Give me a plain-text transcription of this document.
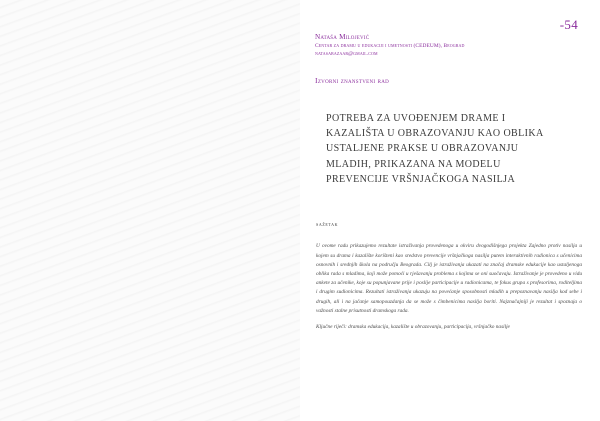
-54
Nataša Milojević
Centar za dramu u edukaciji i umetnosti (CEDEUM), Beograd
natasabazaar@gmail.com
Izvorni znanstveni rad
POTREBA ZA UVOĐENJEM DRAME I
KAZALIŠTA U OBRAZOVANJU KAO OBLIKA
USTALJENE PRAKSE U OBRAZOVANJU
MLADIH, PRIKAZANA NA MODELU
PREVENCIJE VRŠNJAČKOGA NASILJA
sažetak

U ovome radu prikazujemo rezultate istraživanja provedenoga u okviru dvogodišnjega projekta Zajedno protiv nasilja u kojem su drama i kazalište korišteni kao sredstvo prevencije vršnjačkoga nasilja putem interaktivnih radionica s učenicima osnovnih i srednjih škola na području Beograda. Cilj je istraživanja ukazati na značaj dramske edukacije kao ustaljenoga oblika rada s mladima, koji može pomoći u rješavanju problema s kojima se oni suočavaju. Istraživanje je provedeno u vidu ankete za učenike, koje su popunjavane prije i poslije participacije u radionicama, te fokus grupa s profesorima, roditeljima i drugim sudionicima. Rezultati istraživanja ukazuju na povećanje sposobnosti mladih u prepoznavanju nasilja kod sebe i drugih, ali i na jačanje samopouzdanja da se može s čimbenicima nasilja boriti. Najznačajniji je rezultat i spoznaja o važnosti stalne prisutnosti dramskoga rada.

Ključne riječi: dramska edukacija, kazalište u obrazovanju, participacija, vršnjačko nasilje
